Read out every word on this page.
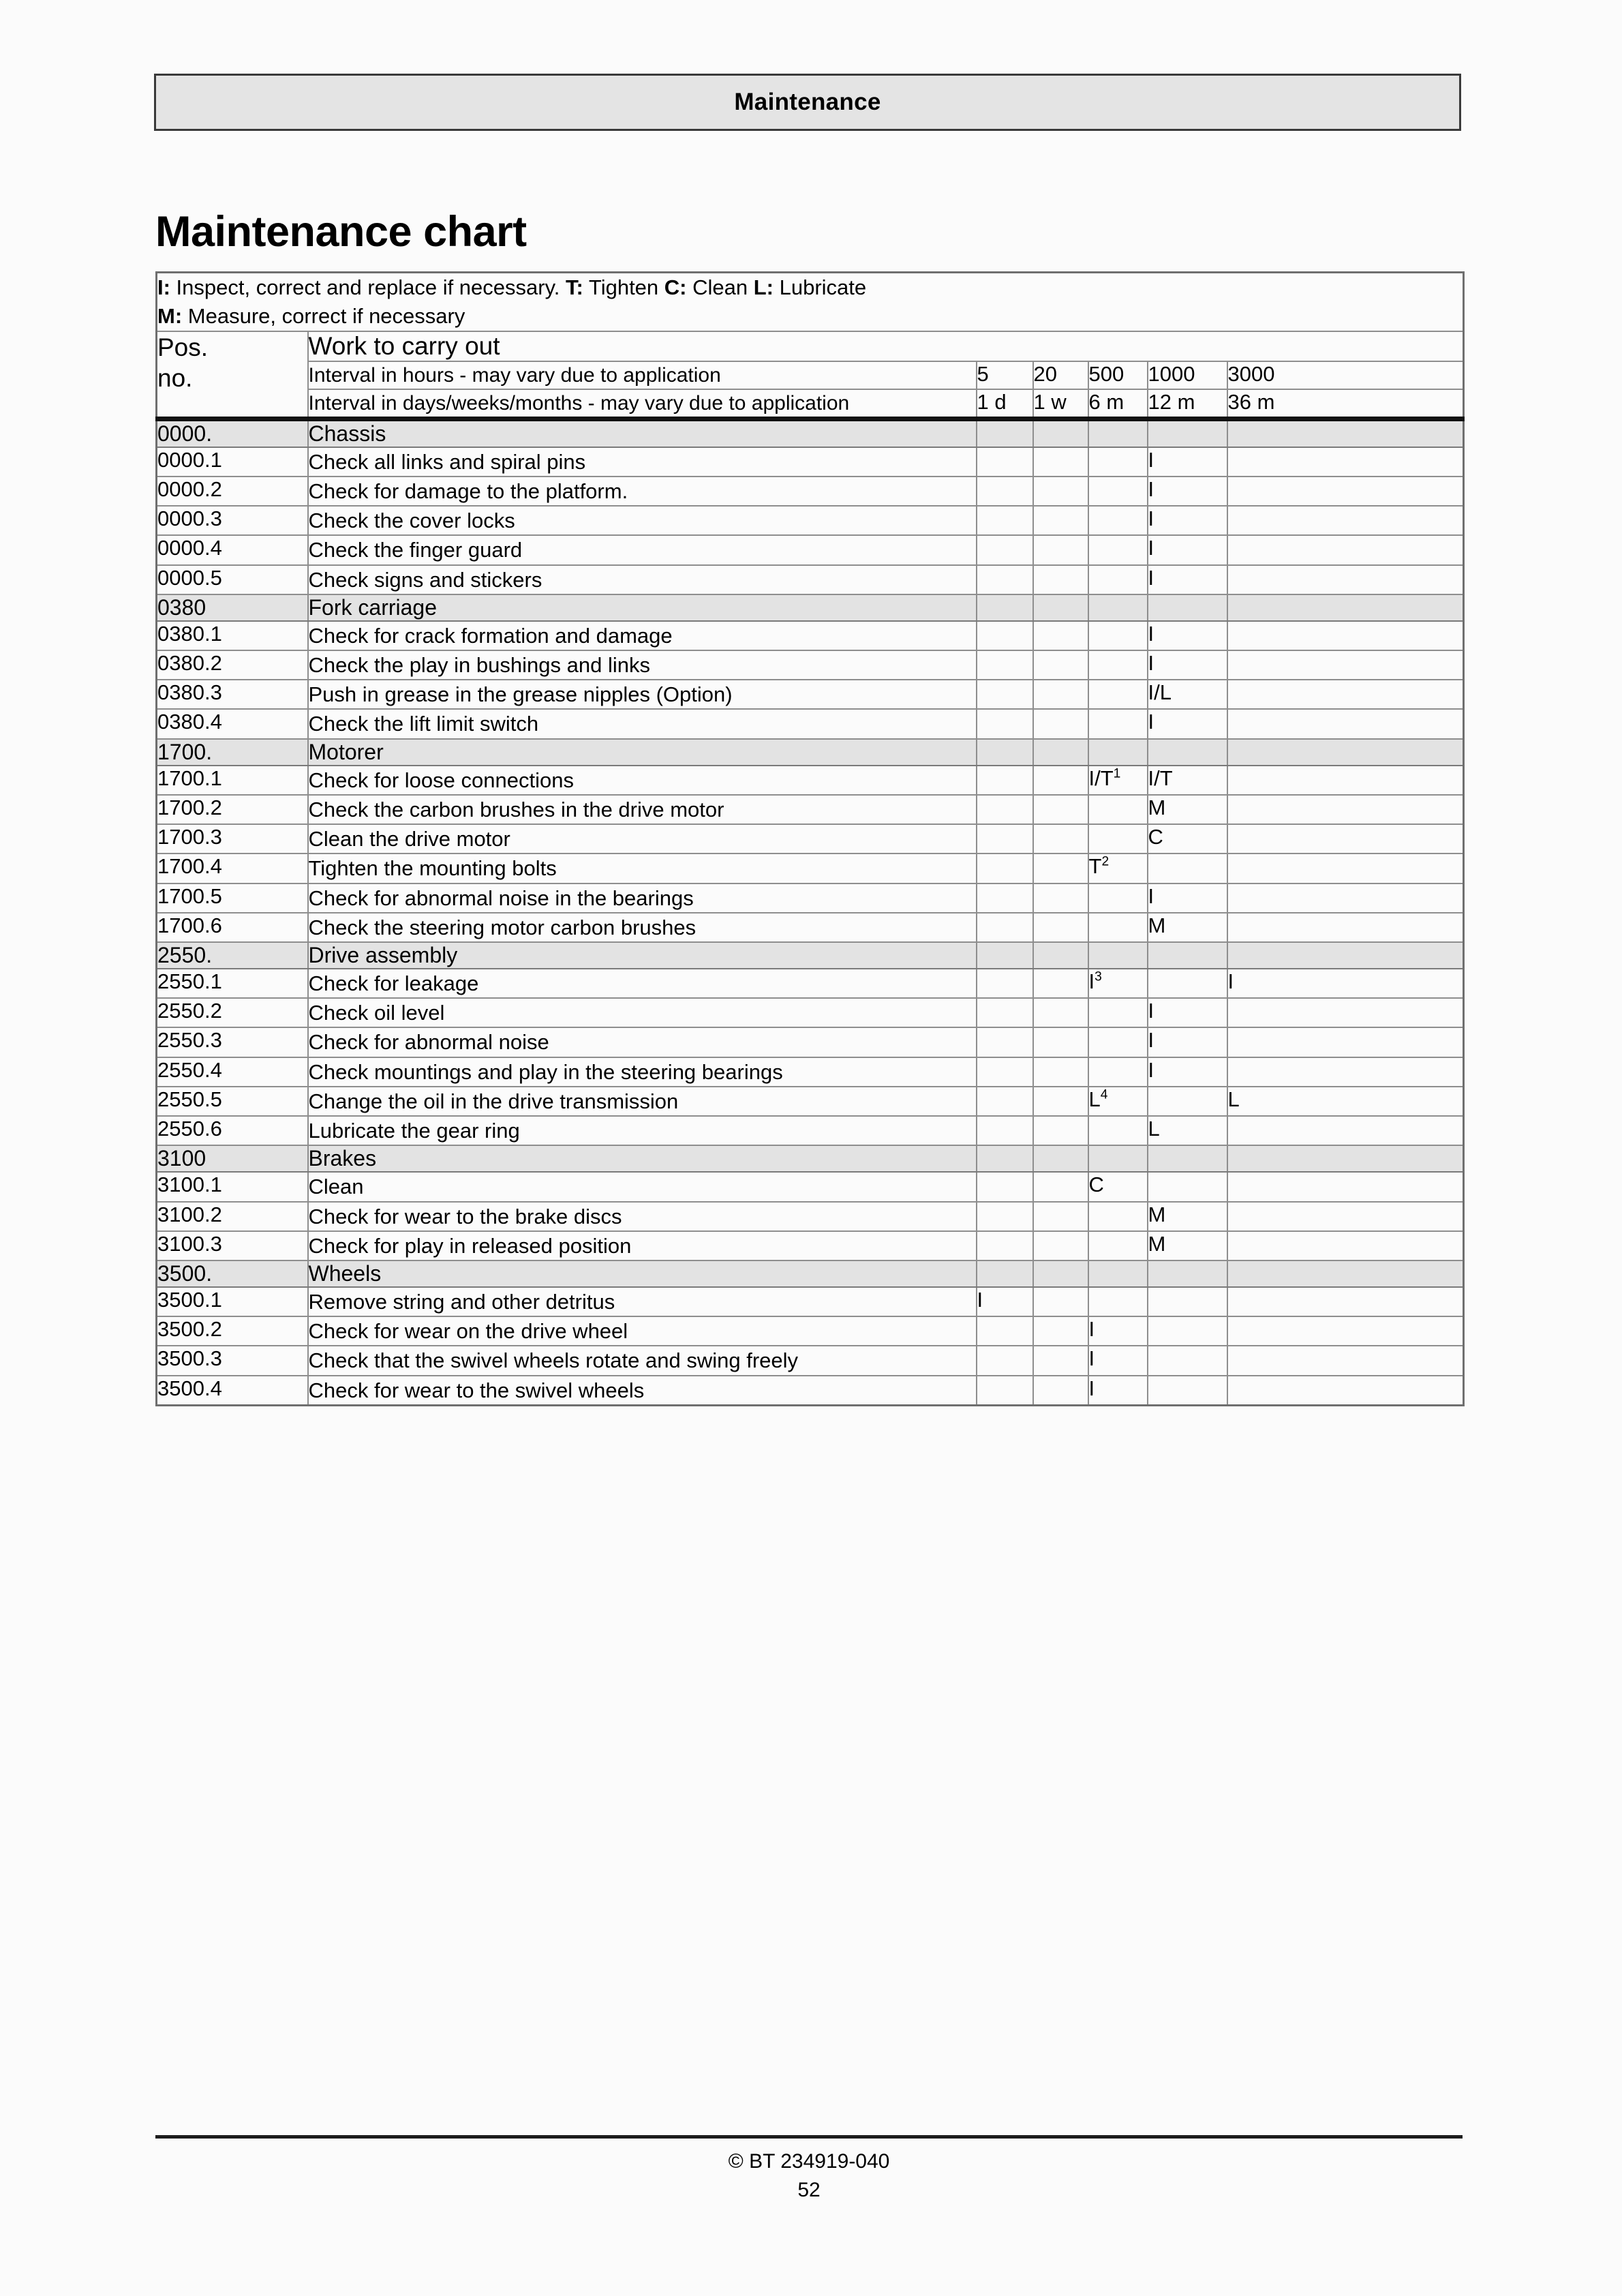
Maintenance
Maintenance chart
I: Inspect, correct and replace if necessary. T: Tighten C: Clean L: Lubricate
M: Measure, correct if necessary						

Pos.
no.	Work to carry out					
	Interval in hours - may vary due to application	5	20	500	1000	3000
	Interval in days/weeks/months - may vary due to application	1 d	1 w	6 m	12 m	36 m
0000.	Chassis					
0000.1	Check all links and spiral pins				I	
0000.2	Check for damage to the platform.				I	
0000.3	Check the cover locks				I	
0000.4	Check the finger guard				I	
0000.5	Check signs and stickers				I	
0380	Fork carriage					
0380.1	Check for crack formation and damage				I	
0380.2	Check the play in bushings and links				I	
0380.3	Push in grease in the grease nipples (Option)				I/L	
0380.4	Check the lift limit switch				I	
1700.	Motorer					
1700.1	Check for loose connections			$I/T^1$	I/T	
1700.2	Check the carbon brushes in the drive motor				M	
1700.3	Clean the drive motor				C	
1700.4	Tighten the mounting bolts			$T^2$		
1700.5	Check for abnormal noise in the bearings				I	
1700.6	Check the steering motor carbon brushes				M	
2550.	Drive assembly					
2550.1	Check for leakage			$I^3$		I
2550.2	Check oil level				I	
2550.3	Check for abnormal noise				I	
2550.4	Check mountings and play in the steering bearings				I	
2550.5	Change the oil in the drive transmission			$L^4$		L
2550.6	Lubricate the gear ring				L	
3100	Brakes					
3100.1	Clean			C		
3100.2	Check for wear to the brake discs				M	
3100.3	Check for play in released position				M	
3500.	Wheels					
3500.1	Remove string and other detritus	I				
3500.2	Check for wear on the drive wheel			I		
3500.3	Check that the swivel wheels rotate and swing freely			I		
3500.4	Check for wear to the swivel wheels			I		
© BT 234919-040
52
